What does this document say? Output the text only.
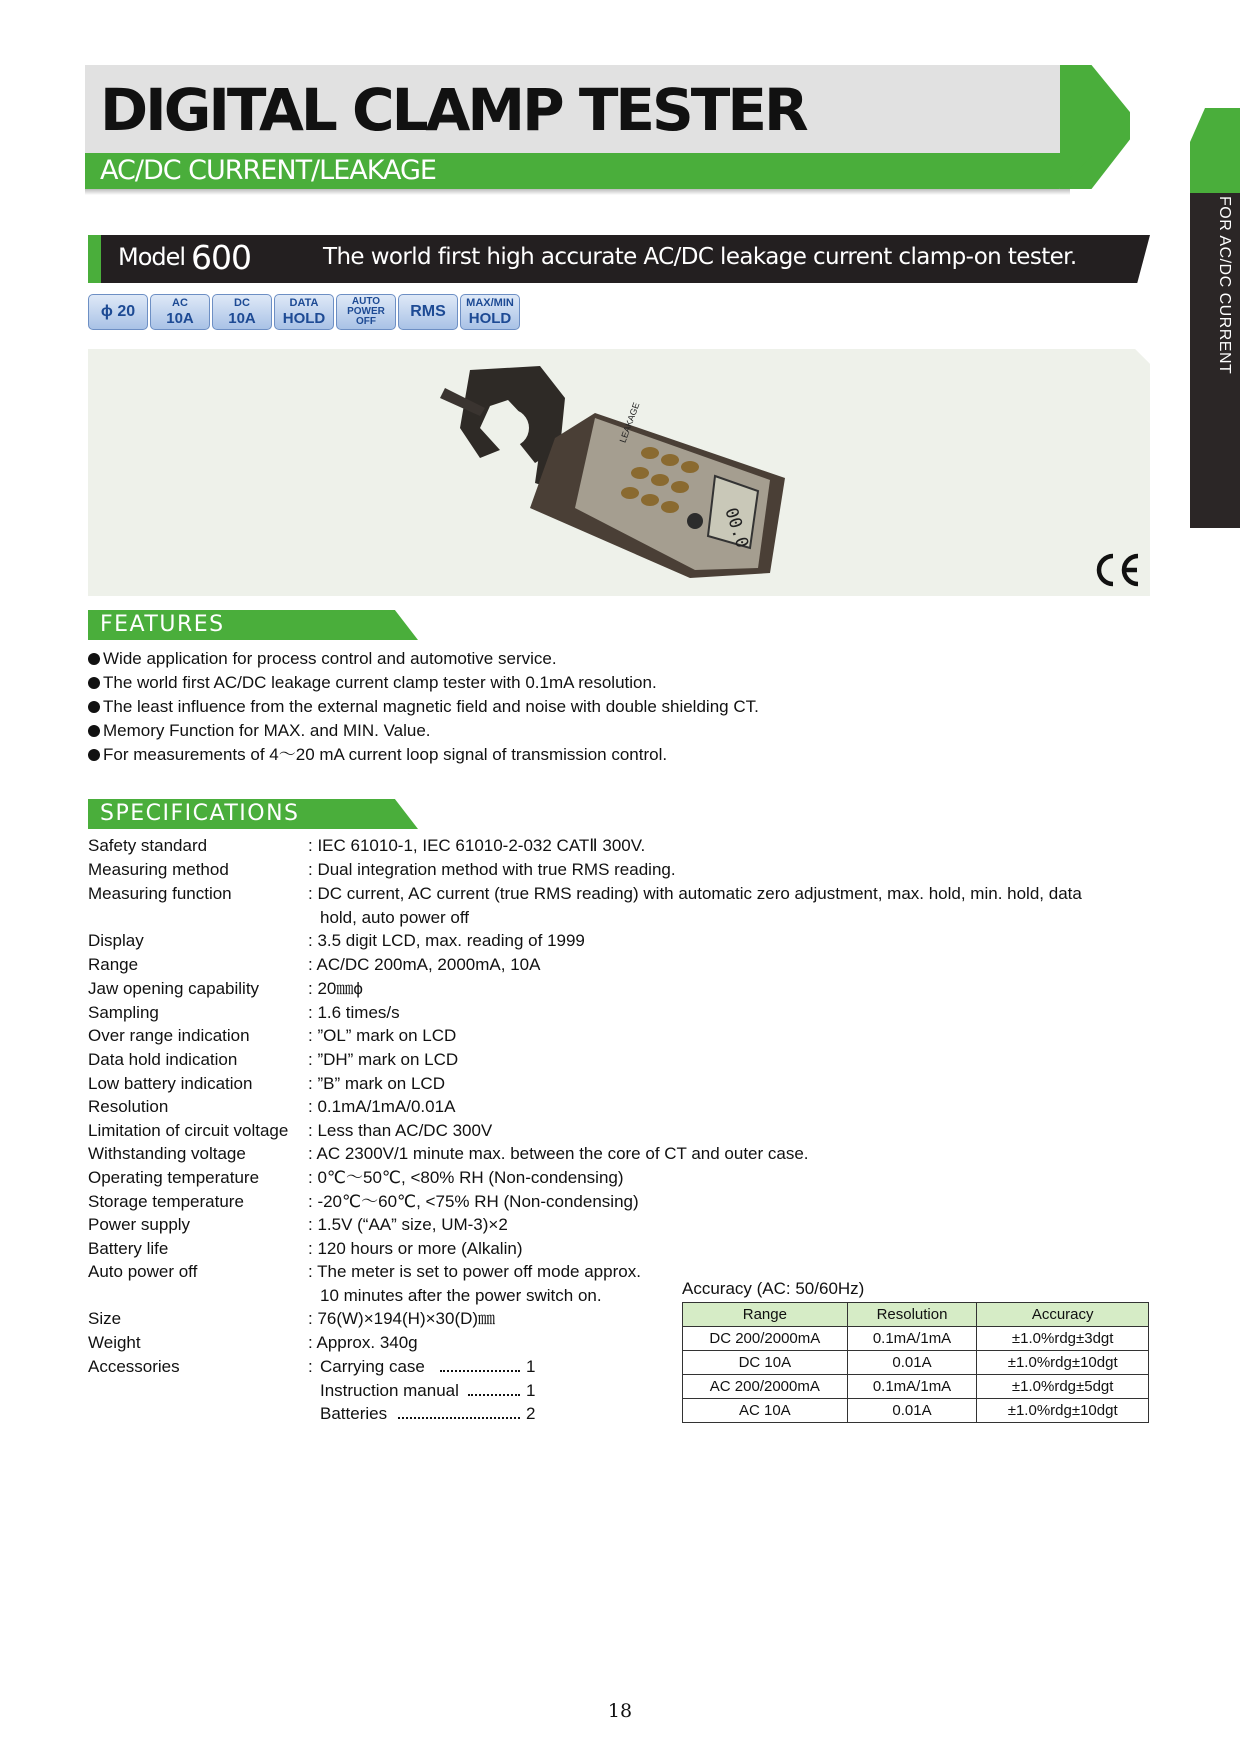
DIGITAL CLAMP TESTER
AC/DC CURRENT/LEAKAGE
FOR AC/DC CURRENT
Model 600	The world first high accurate AC/DC leakage current clamp-on tester.
ϕ 20	AC
10A
DC
10A
DATA
HOLD
AUTO POWER OFF
RMS MAX/MIN
HOLD
00.0
LEAKAGE
FEATURES
Wide application for process control and automotive service.
The world first AC/DC leakage current clamp tester with 0.1mA resolution.
The least influence from the external magnetic field and noise with double shielding CT.
Memory Function for MAX. and MIN. Value.
For measurements of 4～20 mA current loop signal of transmission control.
SPECIFICATIONS
Safety standard	: IEC 61010-1, IEC 61010-2-032 CATⅡ 300V.
Measuring method	: Dual integration method with true RMS reading.
Measuring function	: DC current, AC current (true RMS reading) with automatic zero adjustment, max. hold, min. hold, data
hold, auto power off
Display	: 3.5 digit LCD, max. reading of 1999
Range	: AC/DC 200mA, 2000mA, 10A
Jaw opening capability	: 20㎜ϕ
Sampling	: 1.6 times/s
Over range indication	: ”OL” mark on LCD
Data hold indication	: ”DH” mark on LCD
Low battery indication	: ”B” mark on LCD
Resolution	: 0.1mA/1mA/0.01A
Limitation of circuit voltage : Less than AC/DC 300V
Withstanding voltage	: AC 2300V/1 minute max. between the core of CT and outer case.
Operating temperature	: 0℃～50℃, <80% RH (Non-condensing)
Storage temperature	: -20℃～60℃, <75% RH (Non-condensing)
Power supply	: 1.5V (“AA” size, UM-3)×2
Battery life	: 120 hours or more (Alkalin)
Auto power off	: The meter is set to power off mode approx.
10 minutes after the power switch on.
Size	: 76(W)×194(H)×30(D)㎜
Weight	: Approx. 340g
Accessories	: Carrying case	1
Instruction manual	1
Batteries	2
Accuracy (AC: 50/60Hz)
Range	Resolution	Accuracy
DC 200/2000mA	0.1mA/1mA	±1.0%rdg±3dgt
DC 10A	0.01A	±1.0%rdg±10dgt
AC 200/2000mA	0.1mA/1mA	±1.0%rdg±5dgt
AC 10A	0.01A	±1.0%rdg±10dgt
18
